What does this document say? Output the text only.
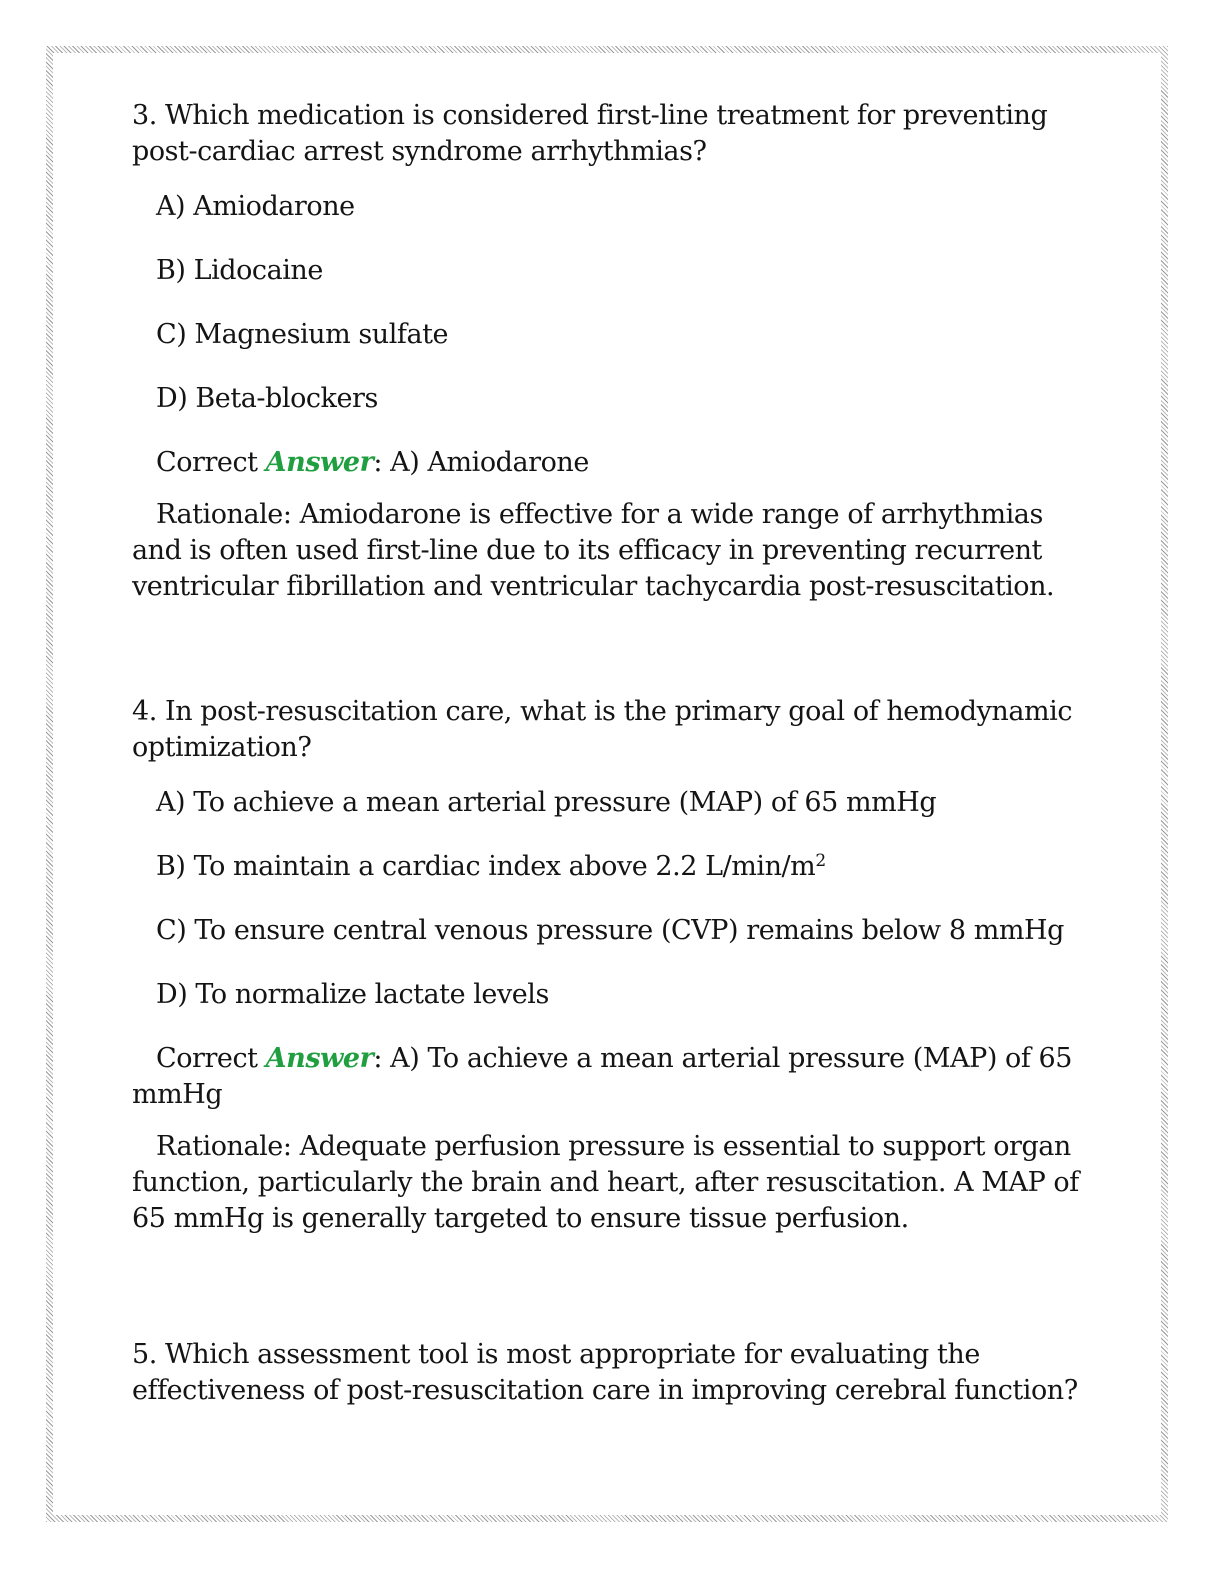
3. Which medication is considered first-line treatment for preventing post-cardiac arrest syndrome arrhythmias?

A) Amiodarone

B) Lidocaine

C) Magnesium sulfate

D) Beta-blockers

Correct Answer: A) Amiodarone

Rationale: Amiodarone is effective for a wide range of arrhythmias and is often used first-line due to its efficacy in preventing recurrent ventricular fibrillation and ventricular tachycardia post-resuscitation.

4. In post-resuscitation care, what is the primary goal of hemodynamic optimization?

A) To achieve a mean arterial pressure (MAP) of 65 mmHg

B) To maintain a cardiac index above 2.2 $L/\min/m^2$

C) To ensure central venous pressure (CVP) remains below 8 mmHg

D) To normalize lactate levels

Correct Answer: A) To achieve a mean arterial pressure (MAP) of 65 mmHg

Rationale: Adequate perfusion pressure is essential to support organ function, particularly the brain and heart, after resuscitation. A MAP of 65 mmHg is generally targeted to ensure tissue perfusion.

5. Which assessment tool is most appropriate for evaluating the effectiveness of post-resuscitation care in improving cerebral function?
